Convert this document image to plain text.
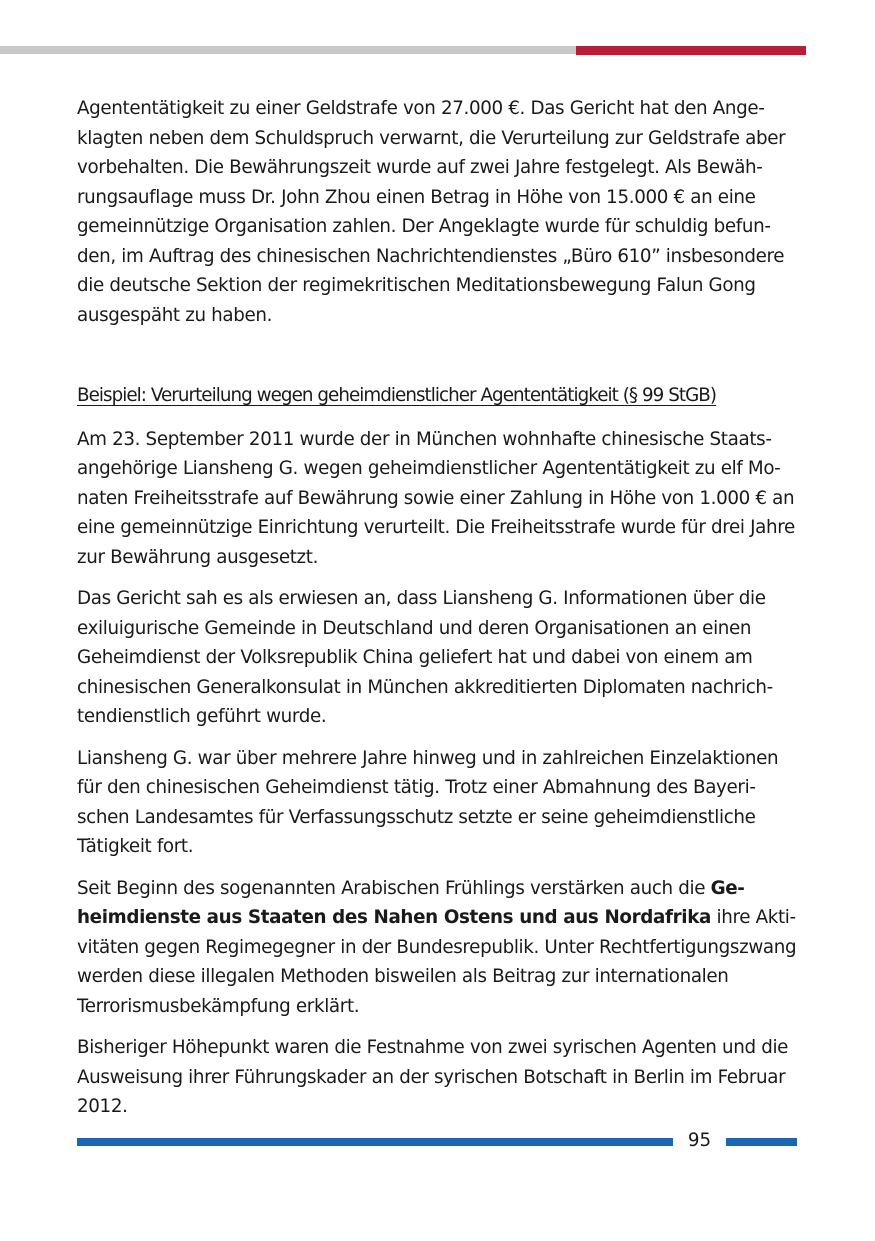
Agententätigkeit zu einer Geldstrafe von 27.000 €. Das Gericht hat den Angeklagten neben dem Schuldspruch verwarnt, die Verurteilung zur Geldstrafe aber vorbehalten. Die Bewährungszeit wurde auf zwei Jahre festgelegt. Als Bewährungsauflage muss Dr. John Zhou einen Betrag in Höhe von 15.000 € an eine gemeinnützige Organisation zahlen. Der Angeklagte wurde für schuldig befunden, im Auftrag des chinesischen Nachrichtendienstes „Büro 610” insbesondere die deutsche Sektion der regimekritischen Meditationsbewegung Falun Gong ausgespäht zu haben.

Beispiel: Verurteilung wegen geheimdienstlicher Agententätigkeit (§ 99 StGB)

Am 23. September 2011 wurde der in München wohnhafte chinesische Staatsangehörige Liansheng G. wegen geheimdienstlicher Agententätigkeit zu elf Monaten Freiheitsstrafe auf Bewährung sowie einer Zahlung in Höhe von 1.000 € an eine gemeinnützige Einrichtung verurteilt. Die Freiheitsstrafe wurde für drei Jahre zur Bewährung ausgesetzt.

Das Gericht sah es als erwiesen an, dass Liansheng G. Informationen über die exiluigurische Gemeinde in Deutschland und deren Organisationen an einen Geheimdienst der Volksrepublik China geliefert hat und dabei von einem am chinesischen Generalkonsulat in München akkreditierten Diplomaten nachrichtendienstlich geführt wurde.

Liansheng G. war über mehrere Jahre hinweg und in zahlreichen Einzelaktionen für den chinesischen Geheimdienst tätig. Trotz einer Abmahnung des Bayerischen Landesamtes für Verfassungsschutz setzte er seine geheimdienstliche Tätigkeit fort.

Seit Beginn des sogenannten Arabischen Frühlings verstärken auch die Geheimdienste aus Staaten des Nahen Ostens und aus Nordafrika ihre Aktivitäten gegen Regimegegner in der Bundesrepublik. Unter Rechtfertigungszwang werden diese illegalen Methoden bisweilen als Beitrag zur internationalen Terrorismusbekämpfung erklärt.

Bisheriger Höhepunkt waren die Festnahme von zwei syrischen Agenten und die Ausweisung ihrer Führungskader an der syrischen Botschaft in Berlin im Februar 2012.

95
